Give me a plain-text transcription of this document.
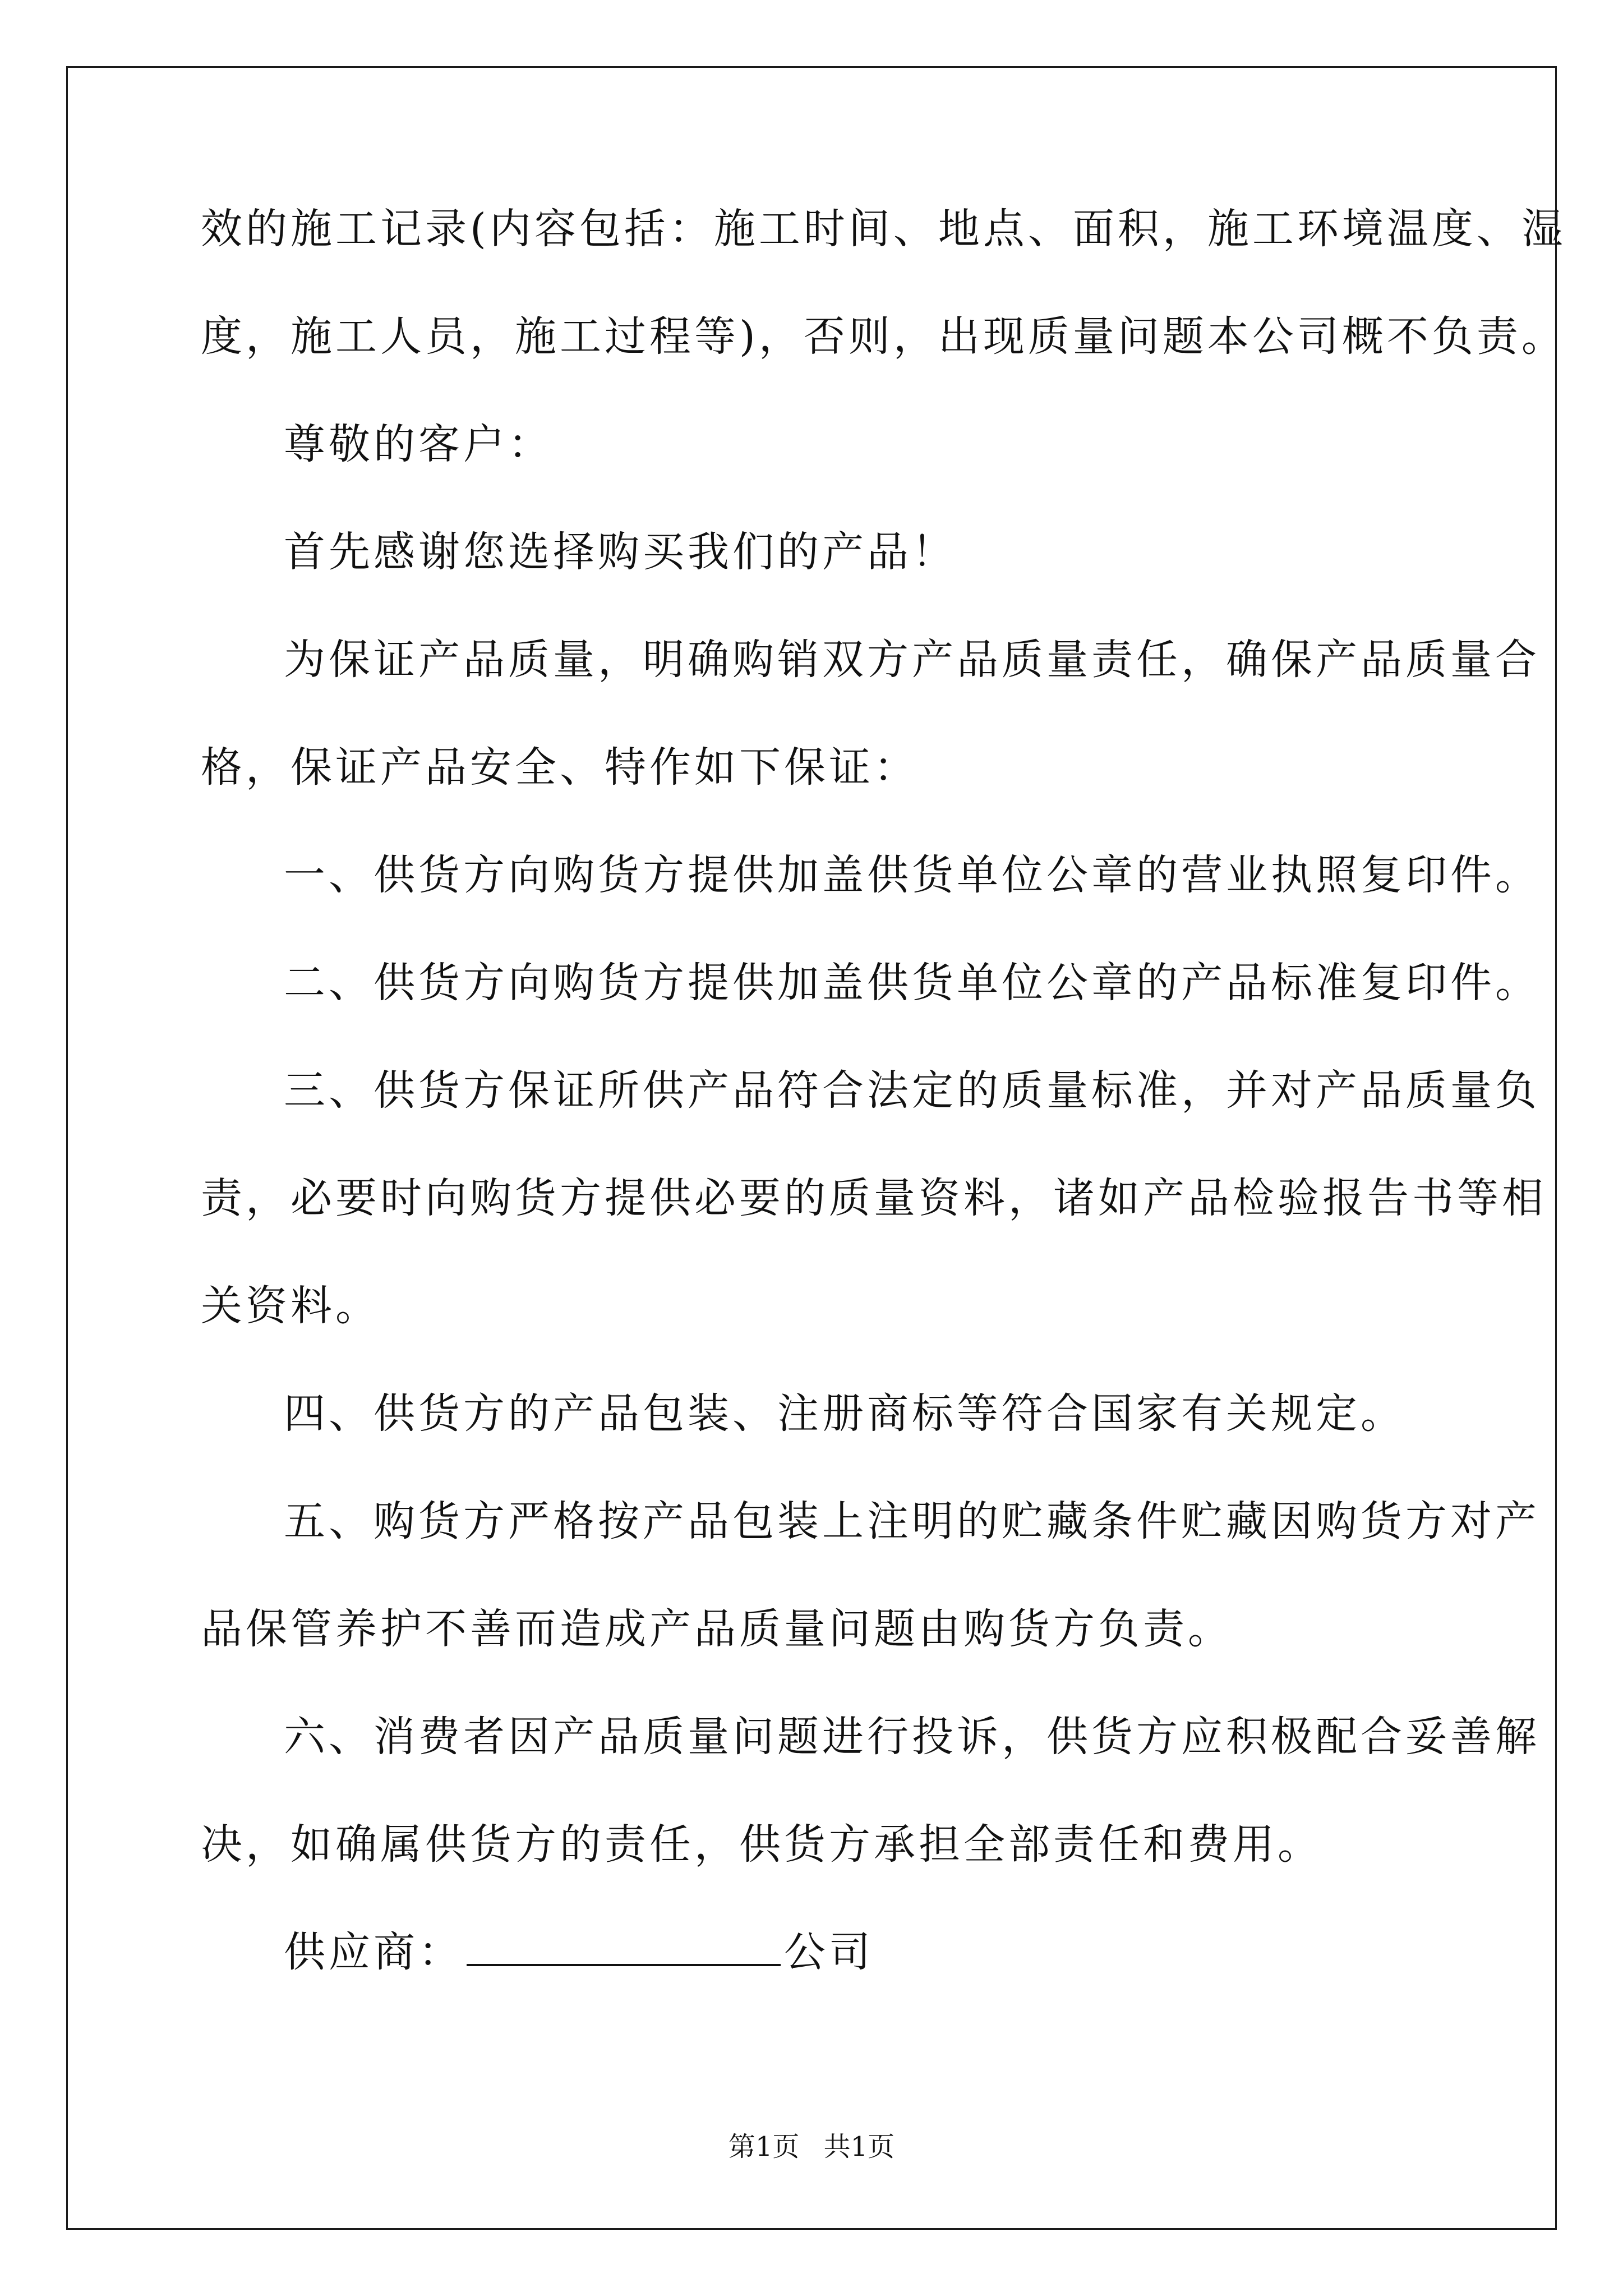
效的施工记录(内容包括：施工时间、地点、面积，施工环境温度、湿
度，施工人员，施工过程等)，否则，出现质量问题本公司概不负责。
尊敬的客户：
首先感谢您选择购买我们的产品！
为保证产品质量，明确购销双方产品质量责任，确保产品质量合
格，保证产品安全、特作如下保证：
一、供货方向购货方提供加盖供货单位公章的营业执照复印件。
二、供货方向购货方提供加盖供货单位公章的产品标准复印件。
三、供货方保证所供产品符合法定的质量标准，并对产品质量负
责，必要时向购货方提供必要的质量资料，诸如产品检验报告书等相
关资料。
四、供货方的产品包装、注册商标等符合国家有关规定。
五、购货方严格按产品包装上注明的贮藏条件贮藏因购货方对产
品保管养护不善而造成产品质量问题由购货方负责。
六、消费者因产品质量问题进行投诉，供货方应积极配合妥善解
决，如确属供货方的责任，供货方承担全部责任和费用。
供应商：	公司
第1页 共1页
